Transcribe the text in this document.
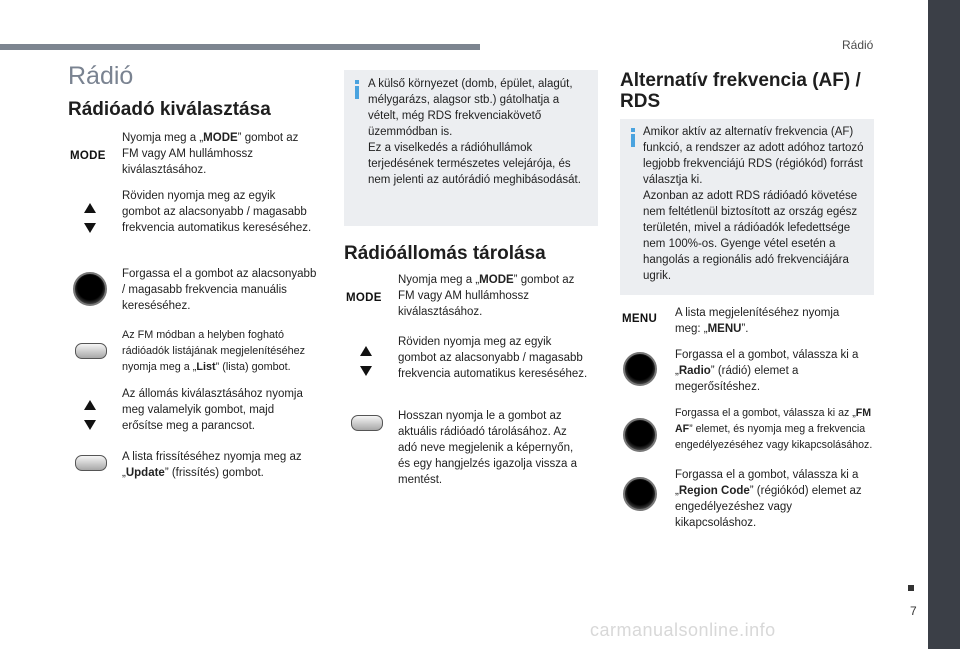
Rádió
7
carmanualsonline.info
Rádió
Rádióadó kiválasztása
MODE
Nyomja meg a „MODE” gombot az FM vagy AM hullámhossz kiválasztásához.
Röviden nyomja meg az egyik gombot az alacsonyabb / magasabb frekvencia automatikus kereséséhez.
Forgassa el a gombot az alacsonyabb / magasabb frekvencia manuális kereséséhez.
Az FM módban a helyben fogható rádióadók listájának megjelenítéséhez nyomja meg a „List” (lista) gombot.
Az állomás kiválasztásához nyomja meg valamelyik gombot, majd erősítse meg a parancsot.
A lista frissítéséhez nyomja meg az „Update” (frissítés) gombot.
A külső környezet (domb, épület, alagút, mélygarázs, alagsor stb.) gátolhatja a vételt, még RDS frekvenciakövető üzemmódban is.
Ez a viselkedés a rádióhullámok terjedésének természetes velejárója, és nem jelenti az autórádió meghibásodását.
Rádióállomás tárolása
MODE
Nyomja meg a „MODE” gombot az FM vagy AM hullámhossz kiválasztásához.
Röviden nyomja meg az egyik gombot az alacsonyabb / magasabb frekvencia automatikus kereséséhez.
Hosszan nyomja le a gombot az aktuális rádióadó tárolásához. Az adó neve megjelenik a képernyőn, és egy hangjelzés igazolja vissza a mentést.
Alternatív frekvencia (AF) / RDS
Amikor aktív az alternatív frekvencia (AF) funkció, a rendszer az adott adóhoz tartozó legjobb frekvenciájú RDS (régiókód) forrást választja ki.
Azonban az adott RDS rádióadó követése nem feltétlenül biztosított az ország egész területén, mivel a rádióadók lefedettsége nem 100%-os. Gyenge vétel esetén a hangolás a regionális adó frekvenciájára ugrik.
MENU A lista megjelenítéséhez nyomja meg: „MENU”.
Forgassa el a gombot, válassza ki a „Radio” (rádió) elemet a megerősítéshez.
Forgassa el a gombot, válassza ki az „FM AF” elemet, és nyomja meg a frekvencia engedélyezéséhez vagy kikapcsolásához.
Forgassa el a gombot, válassza ki a „Region Code” (régiókód) elemet az engedélyezéshez vagy kikapcsoláshoz.
